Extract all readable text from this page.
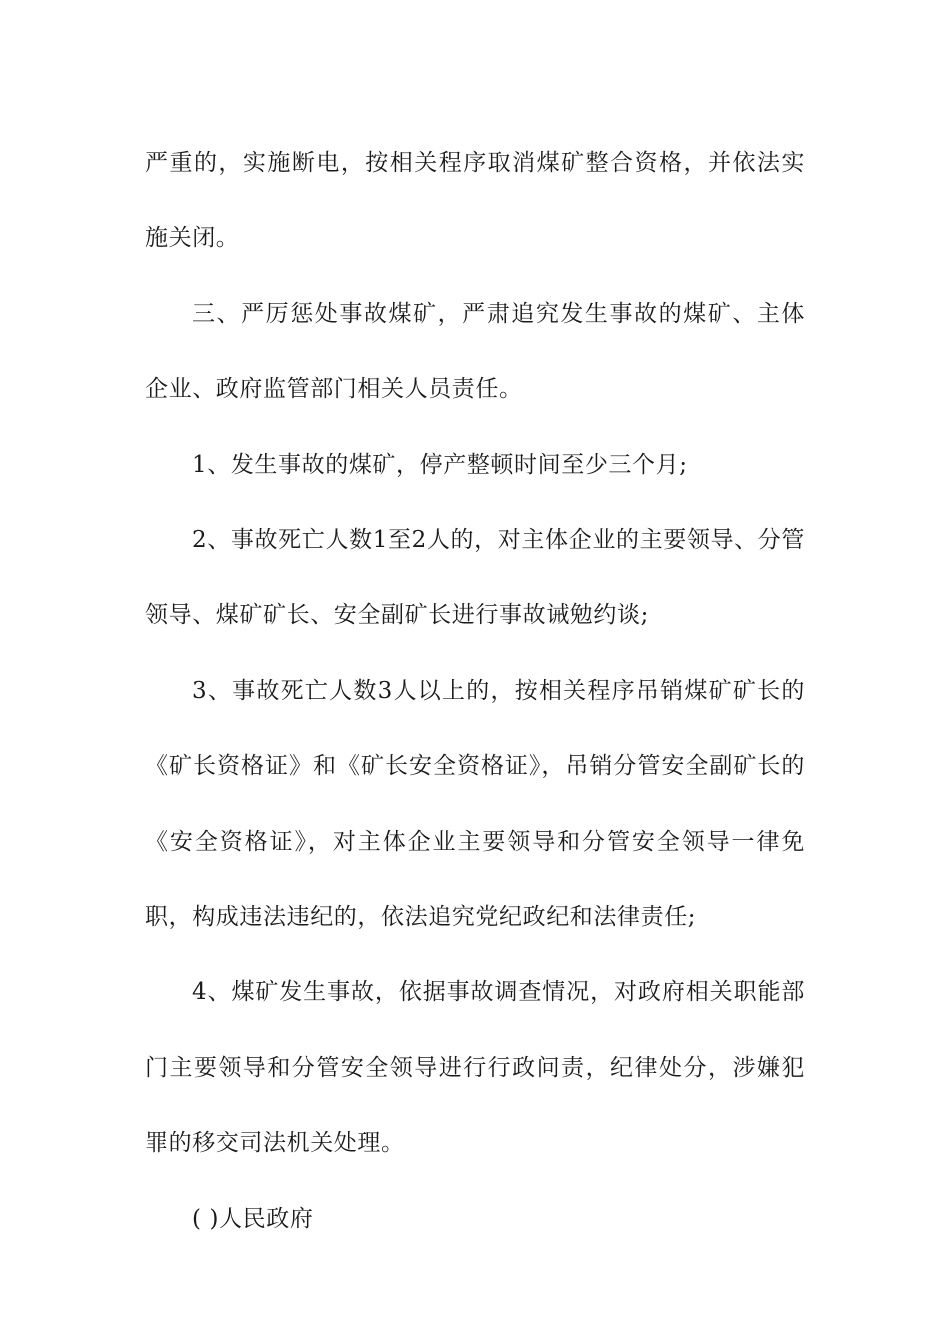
严重的，实施断电，按相关程序取消煤矿整合资格，并依法实施关闭。

三、严厉惩处事故煤矿，严肃追究发生事故的煤矿、主体企业、政府监管部门相关人员责任。

1、发生事故的煤矿，停产整顿时间至少三个月;

2、事故死亡人数1至2人的，对主体企业的主要领导、分管领导、煤矿矿长、安全副矿长进行事故诫勉约谈;

3、事故死亡人数3人以上的，按相关程序吊销煤矿矿长的《矿长资格证》和《矿长安全资格证》，吊销分管安全副矿长的《安全资格证》，对主体企业主要领导和分管安全领导一律免职，构成违法违纪的，依法追究党纪政纪和法律责任;

4、煤矿发生事故，依据事故调查情况，对政府相关职能部门主要领导和分管安全领导进行行政问责，纪律处分，涉嫌犯罪的移交司法机关处理。

( )人民政府
